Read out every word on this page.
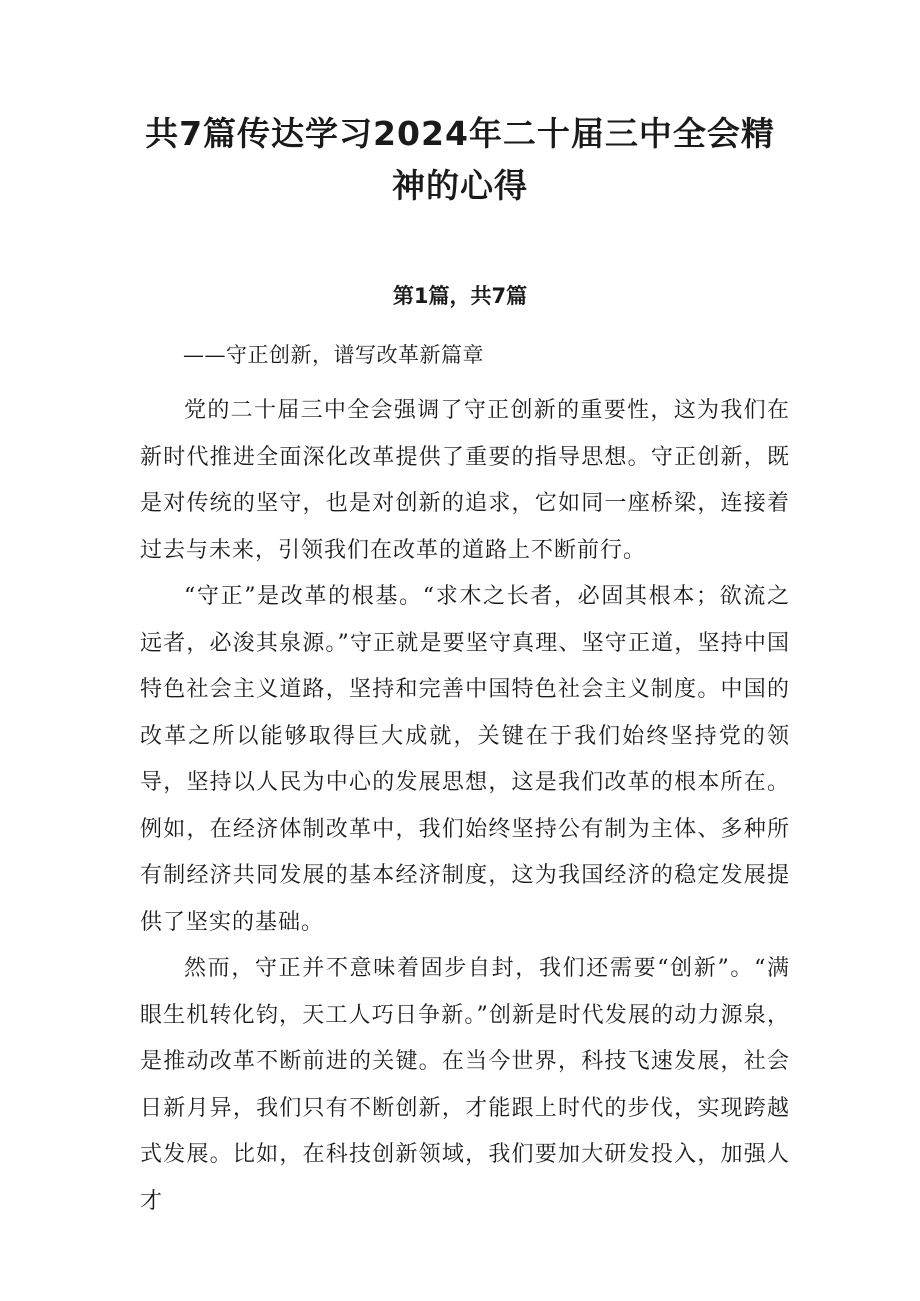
共7篇传达学习2024年二十届三中全会精神的心得
第1篇，共7篇

——守正创新，谱写改革新篇章

党的二十届三中全会强调了守正创新的重要性，这为我们在新时代推进全面深化改革提供了重要的指导思想。守正创新，既是对传统的坚守，也是对创新的追求，它如同一座桥梁，连接着过去与未来，引领我们在改革的道路上不断前行。

“守正”是改革的根基。“求木之长者，必固其根本；欲流之远者，必浚其泉源。”守正就是要坚守真理、坚守正道，坚持中国特色社会主义道路，坚持和完善中国特色社会主义制度。中国的改革之所以能够取得巨大成就，关键在于我们始终坚持党的领导，坚持以人民为中心的发展思想，这是我们改革的根本所在。例如，在经济体制改革中，我们始终坚持公有制为主体、多种所有制经济共同发展的基本经济制度，这为我国经济的稳定发展提供了坚实的基础。

然而，守正并不意味着固步自封，我们还需要“创新”。“满眼生机转化钧，天工人巧日争新。”创新是时代发展的动力源泉，是推动改革不断前进的关键。在当今世界，科技飞速发展，社会日新月异，我们只有不断创新，才能跟上时代的步伐，实现跨越式发展。比如，在科技创新领域，我们要加大研发投入，加强人才
